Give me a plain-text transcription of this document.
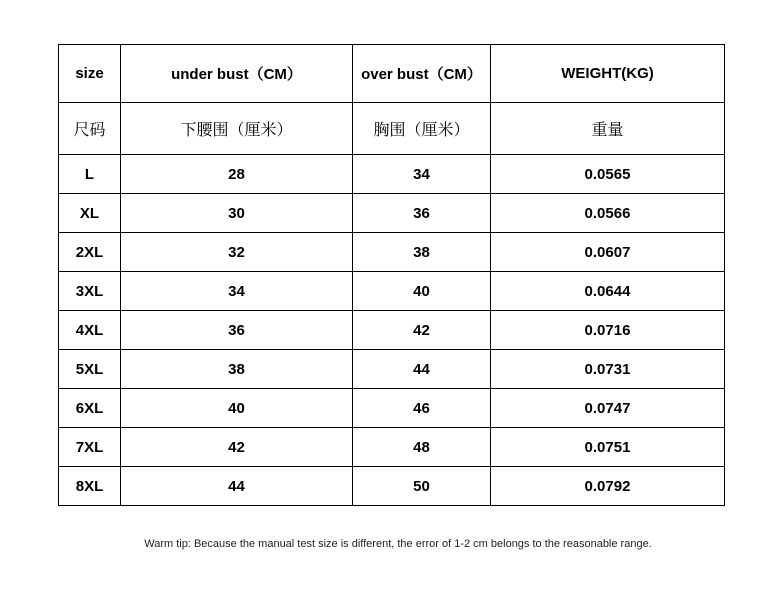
size	under bust（CM）	over bust（CM）	WEIGHT(KG)
尺码	下腰围（厘米）	胸围（厘米）	重量
L	28	34	0.0565
XL	30	36	0.0566
2XL	32	38	0.0607
3XL	34	40	0.0644
4XL	36	42	0.0716
5XL	38	44	0.0731
6XL	40	46	0.0747
7XL	42	48	0.0751
8XL	44	50	0.0792
Warm tip: Because the manual test size is different, the error of 1-2 cm belongs to the reasonable range.
